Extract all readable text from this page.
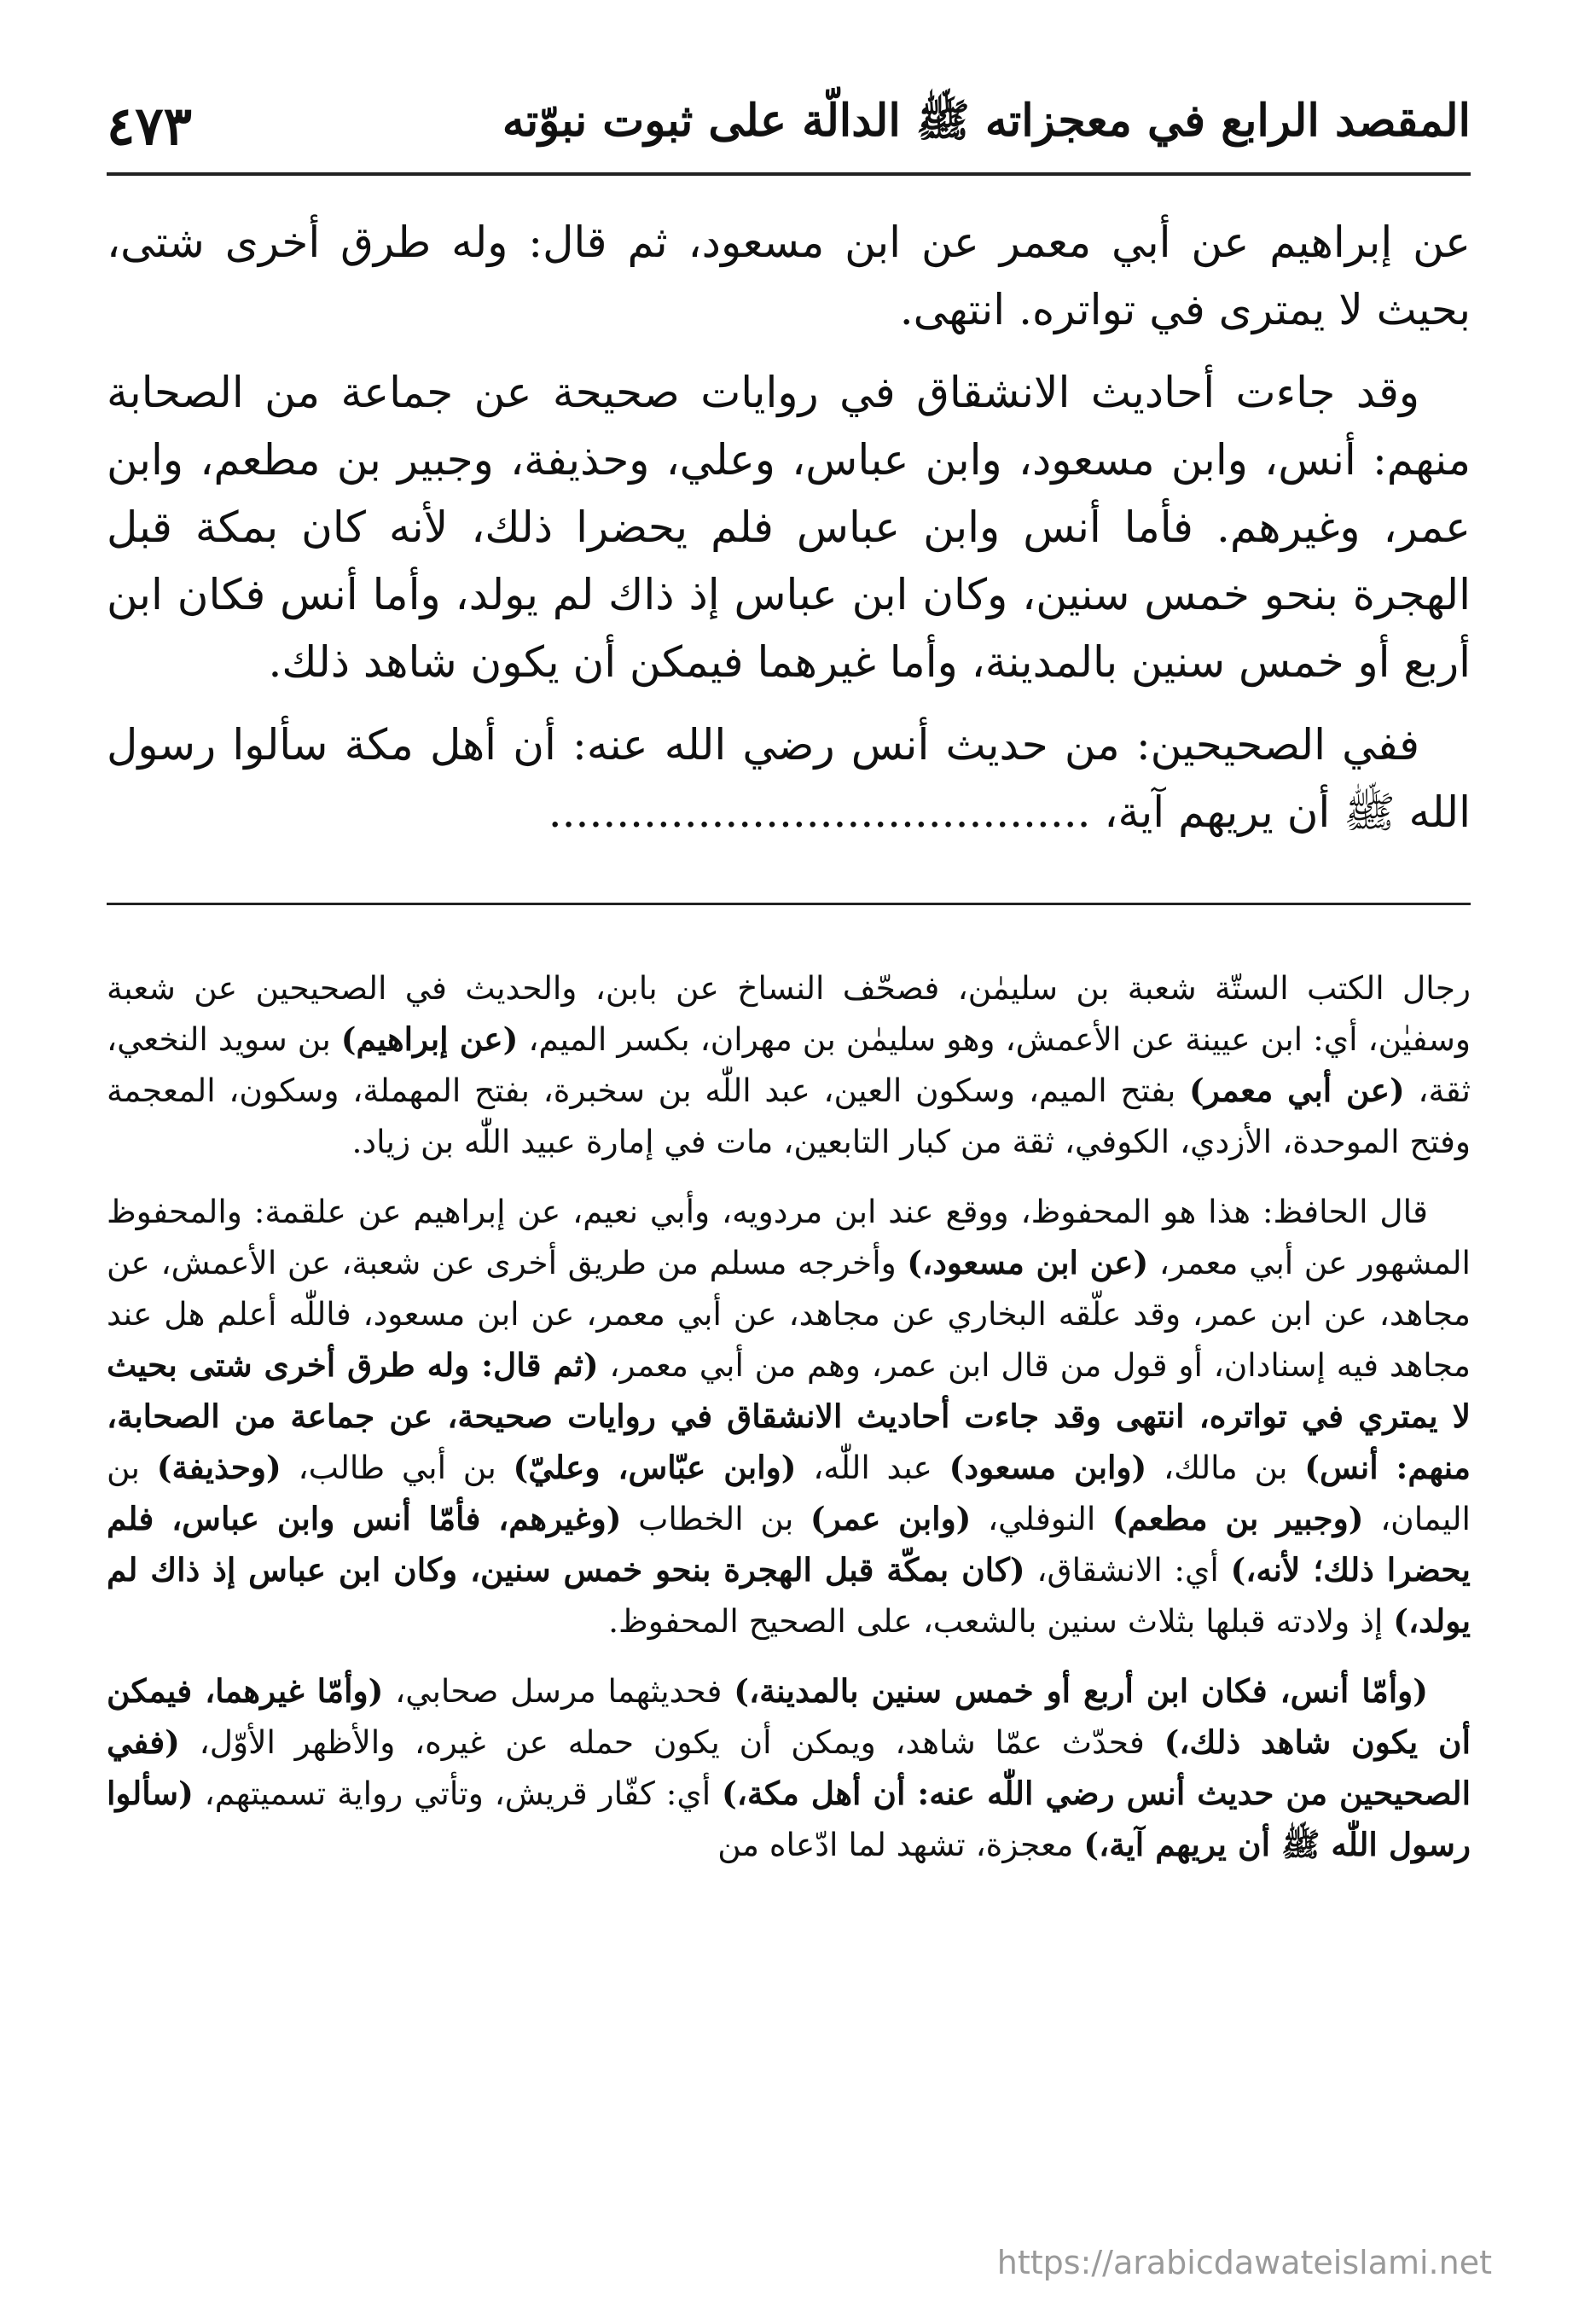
المقصد الرابع في معجزاته ﷺ الدالّة على ثبوت نبوّته
٤٧٣

عن إبراهيم عن أبي معمر عن ابن مسعود، ثم قال: وله طرق أخرى شتى، بحيث لا يمترى في تواتره. انتهى.

وقد جاءت أحاديث الانشقاق في روايات صحيحة عن جماعة من الصحابة منهم: أنس، وابن مسعود، وابن عباس، وعلي، وحذيفة، وجبير بن مطعم، وابن عمر، وغيرهم. فأما أنس وابن عباس فلم يحضرا ذلك، لأنه كان بمكة قبل الهجرة بنحو خمس سنين، وكان ابن عباس إذ ذاك لم يولد، وأما أنس فكان ابن أربع أو خمس سنين بالمدينة، وأما غيرهما فيمكن أن يكون شاهد ذلك.

ففي الصحيحين: من حديث أنس رضي الله عنه: أن أهل مكة سألوا رسول الله ﷺ أن يريهم آية، ........................................

رجال الكتب الستّة شعبة بن سليمٰن، فصحّف النساخ عن بابن، والحديث في الصحيحين عن شعبة وسفيٰن، أي: ابن عيينة عن الأعمش، وهو سليمٰن بن مهران، بكسر الميم، (عن إبراهيم) بن سويد النخعي، ثقة، (عن أبي معمر) بفتح الميم، وسكون العين، عبد اللّٰه بن سخبرة، بفتح المهملة، وسكون، المعجمة وفتح الموحدة، الأزدي، الكوفي، ثقة من كبار التابعين، مات في إمارة عبيد اللّٰه بن زياد.

قال الحافظ: هذا هو المحفوظ، ووقع عند ابن مردويه، وأبي نعيم، عن إبراهيم عن علقمة: والمحفوظ المشهور عن أبي معمر، (عن ابن مسعود،) وأخرجه مسلم من طريق أخرى عن شعبة، عن الأعمش، عن مجاهد، عن ابن عمر، وقد علّقه البخاري عن مجاهد، عن أبي معمر، عن ابن مسعود، فاللّٰه أعلم هل عند مجاهد فيه إسنادان، أو قول من قال ابن عمر، وهم من أبي معمر، (ثم قال: وله طرق أخرى شتى بحيث لا يمتري في تواتره، انتهى وقد جاءت أحاديث الانشقاق في روايات صحيحة، عن جماعة من الصحابة، منهم: أنس) بن مالك، (وابن مسعود) عبد اللّٰه، (وابن عبّاس، وعليّ) بن أبي طالب، (وحذيفة) بن اليمان، (وجبير بن مطعم) النوفلي، (وابن عمر) بن الخطاب (وغيرهم، فأمّا أنس وابن عباس، فلم يحضرا ذلك؛ لأنه،) أي: الانشقاق، (كان بمكّة قبل الهجرة بنحو خمس سنين، وكان ابن عباس إذ ذاك لم يولد،) إذ ولادته قبلها بثلاث سنين بالشعب، على الصحيح المحفوظ.

(وأمّا أنس، فكان ابن أربع أو خمس سنين بالمدينة،) فحديثهما مرسل صحابي، (وأمّا غيرهما، فيمكن أن يكون شاهد ذلك،) فحدّث عمّا شاهد، ويمكن أن يكون حمله عن غيره، والأظهر الأوّل، (ففي الصحيحين من حديث أنس رضي اللّٰه عنه: أن أهل مكة،) أي: كفّار قريش، وتأتي رواية تسميتهم، (سألوا رسول اللّٰه ﷺ أن يريهم آية،) معجزة، تشهد لما ادّعاه من

https://arabicdawateislami.net
